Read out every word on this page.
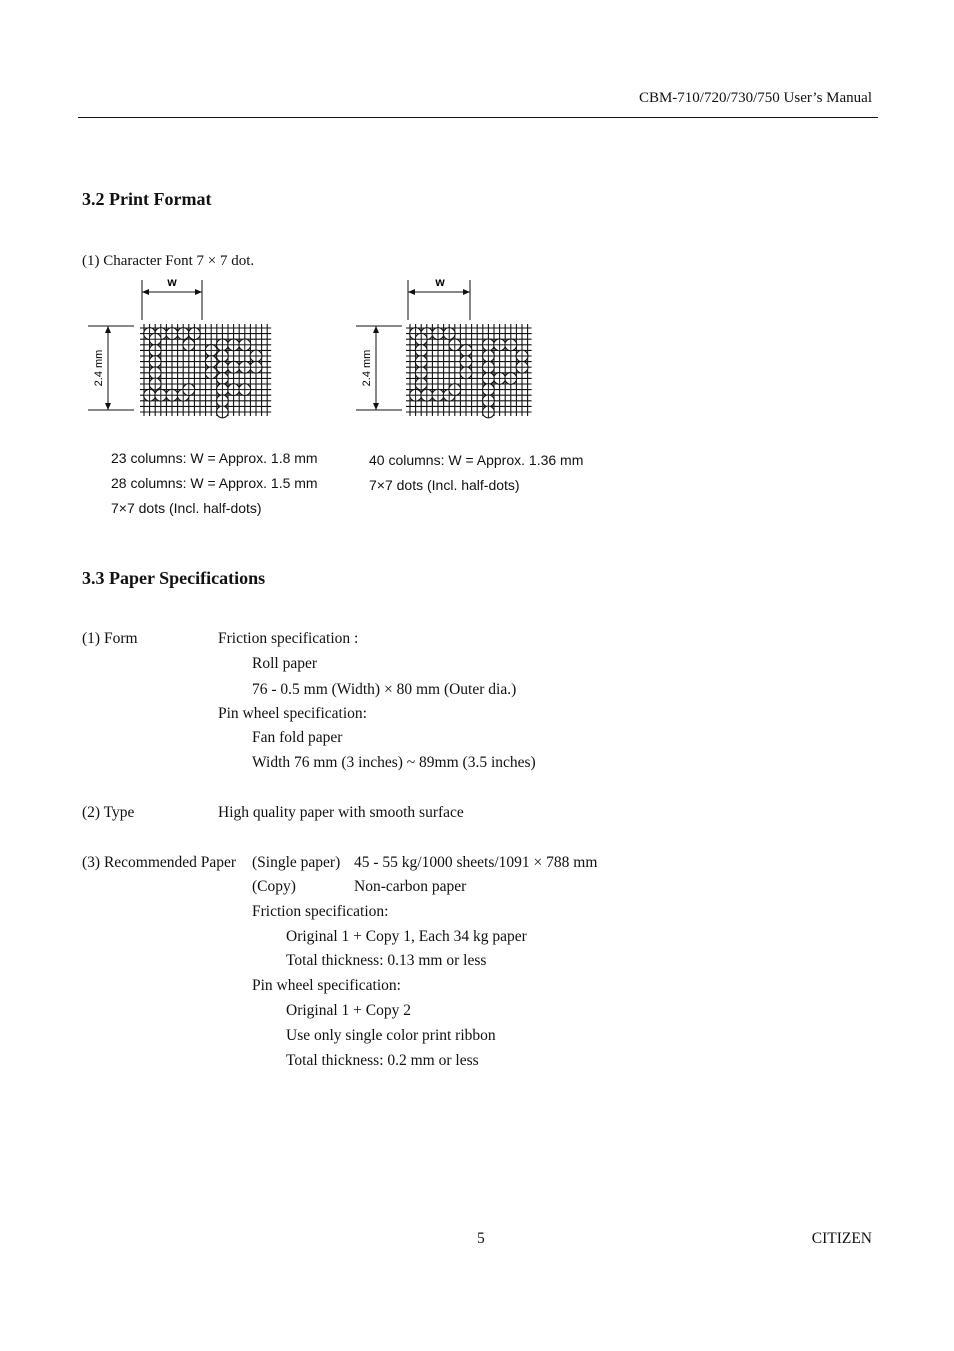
CBM-710/720/730/750 User’s Manual
3.2 Print Format
(1) Character Font 7 × 7 dot.
w
2.4 mm
23 columns: W = Approx. 1.8 mm
28 columns: W = Approx. 1.5 mm
7×7 dots (Incl. half-dots)
w
2.4 mm
40 columns: W = Approx. 1.36 mm
7×7 dots (Incl. half-dots)
3.3 Paper Specifications
(1) Form	Friction specification :
Roll paper
76 - 0.5 mm (Width) × 80 mm (Outer dia.)
Pin wheel specification:
Fan fold paper
Width 76 mm (3 inches) ~ 89mm (3.5 inches)
(2) Type	High quality paper with smooth surface
(3) Recommended Paper (Single paper) 45 - 55 kg/1000 sheets/1091 × 788 mm
(Copy)	Non-carbon paper
Friction specification:
Original 1 + Copy 1, Each 34 kg paper
Total thickness: 0.13 mm or less
Pin wheel specification:
Original 1 + Copy 2
Use only single color print ribbon
Total thickness: 0.2 mm or less
5	CITIZEN
